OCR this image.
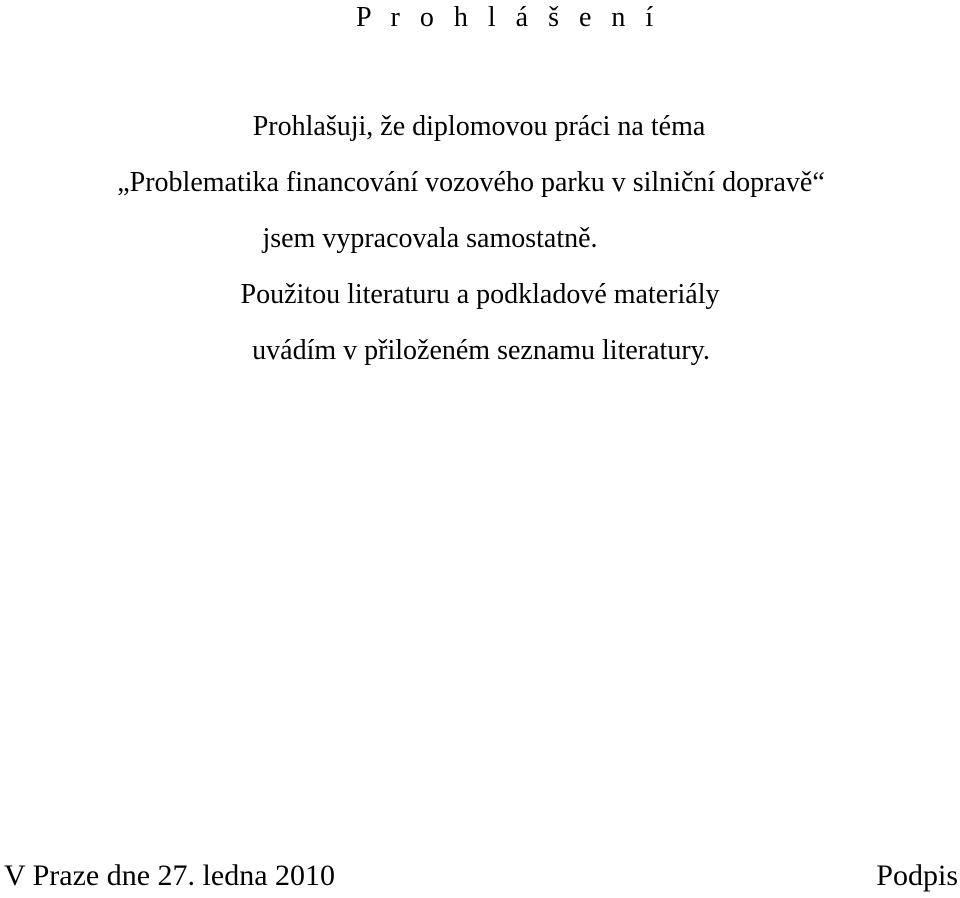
P r o h l á š e n í
Prohlašuji, že diplomovou práci na téma
„Problematika financování vozového parku v silniční dopravě“
jsem vypracovala samostatně.
Použitou literaturu a podkladové materiály
uvádím v přiloženém seznamu literatury.
V Praze dne 27. ledna 2010	Podpis
